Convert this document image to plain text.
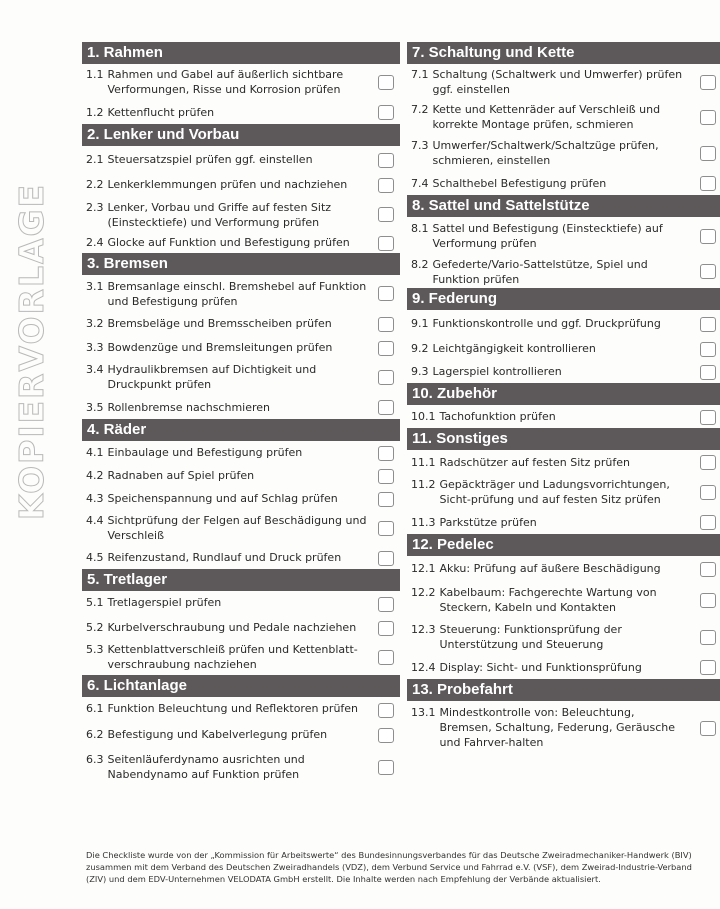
KOPIERVORLAGE
1. Rahmen
1.1 Rahmen und Gabel auf äußerlich sichtbare Verformungen, Risse und Korrosion prüfen
1.2 Kettenflucht prüfen
2. Lenker und Vorbau
2.1 Steuersatzspiel prüfen ggf. einstellen
2.2 Lenkerklemmungen prüfen und nachziehen
2.3 Lenker, Vorbau und Griffe auf festen Sitz (Einstecktiefe) und Verformung prüfen
2.4 Glocke auf Funktion und Befestigung prüfen
3. Bremsen
3.1 Bremsanlage einschl. Bremshebel auf Funktion und Befestigung prüfen
3.2 Bremsbeläge und Bremsscheiben prüfen
3.3 Bowdenzüge und Bremsleitungen prüfen
3.4 Hydraulikbremsen auf Dichtigkeit und Druckpunkt prüfen
3.5 Rollenbremse nachschmieren
4. Räder
4.1 Einbaulage und Befestigung prüfen
4.2 Radnaben auf Spiel prüfen
4.3 Speichenspannung und auf Schlag prüfen
4.4 Sichtprüfung der Felgen auf Beschädigung und Verschleiß
4.5 Reifenzustand, Rundlauf und Druck prüfen
5. Tretlager
5.1 Tretlagerspiel prüfen
5.2 Kurbelverschraubung und Pedale nachziehen
5.3 Kettenblattverschleiß prüfen und Kettenblatt-verschraubung nachziehen
6. Lichtanlage
6.1 Funktion Beleuchtung und Reflektoren prüfen
6.2 Befestigung und Kabelverlegung prüfen
6.3 Seitenläuferdynamo ausrichten und Nabendynamo auf Funktion prüfen
7. Schaltung und Kette
7.1 Schaltung (Schaltwerk und Umwerfer) prüfen ggf. einstellen
7.2 Kette und Kettenräder auf Verschleiß und korrekte Montage prüfen, schmieren
7.3 Umwerfer/Schaltwerk/Schaltzüge prüfen, schmieren, einstellen
7.4 Schalthebel Befestigung prüfen
8. Sattel und Sattelstütze
8.1 Sattel und Befestigung (Einstecktiefe) auf Verformung prüfen
8.2 Gefederte/Vario-Sattelstütze, Spiel und Funktion prüfen
9. Federung
9.1 Funktionskontrolle und ggf. Druckprüfung
9.2 Leichtgängigkeit kontrollieren
9.3 Lagerspiel kontrollieren
10. Zubehör
10.1 Tachofunktion prüfen
11. Sonstiges
11.1 Radschützer auf festen Sitz prüfen
11.2 Gepäckträger und Ladungsvorrichtungen, Sicht-prüfung und auf festen Sitz prüfen
11.3 Parkstütze prüfen
12. Pedelec
12.1 Akku: Prüfung auf äußere Beschädigung
12.2 Kabelbaum: Fachgerechte Wartung von Steckern, Kabeln und Kontakten
12.3 Steuerung: Funktionsprüfung der Unterstützung und Steuerung
12.4 Display: Sicht- und Funktionsprüfung
13. Probefahrt
13.1 Mindestkontrolle von: Beleuchtung, Bremsen, Schaltung, Federung, Geräusche und Fahrver-halten
Die Checkliste wurde von der „Kommission für Arbeitswerte“ des Bundesinnungsverbandes für das Deutsche Zweiradmechaniker-Handwerk (BIV)
zusammen mit dem Verband des Deutschen Zweiradhandels (VDZ), dem Verbund Service und Fahrrad e.V. (VSF), dem Zweirad-Industrie-Verband
(ZIV) und dem EDV-Unternehmen VELODATA GmbH erstellt. Die Inhalte werden nach Empfehlung der Verbände aktualisiert.
